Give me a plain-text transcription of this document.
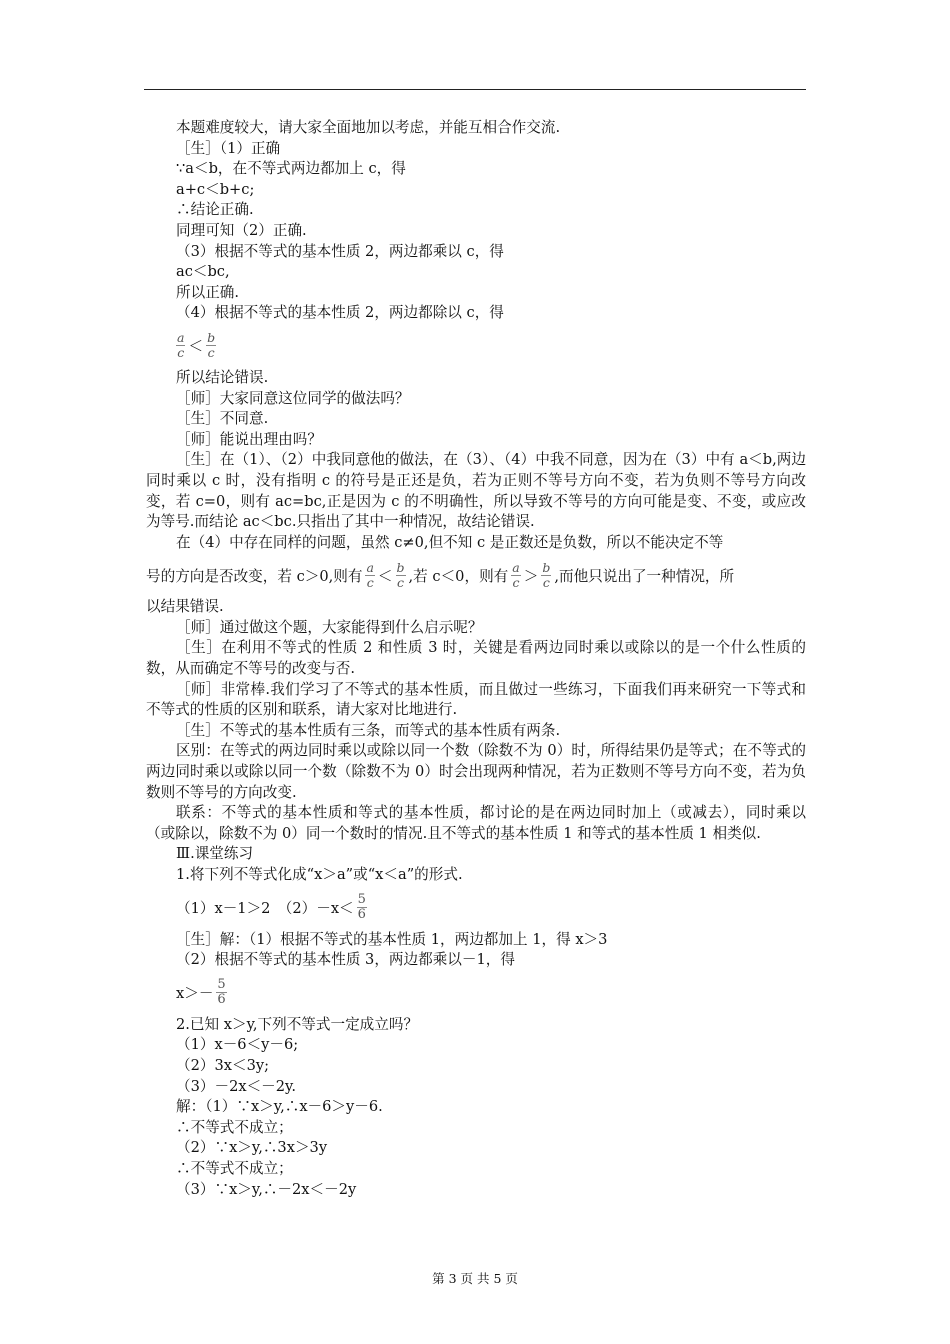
本题难度较大，请大家全面地加以考虑，并能互相合作交流.
［生］（1）正确
∵a＜b，在不等式两边都加上 c，得
a+c＜b+c;
∴结论正确.
同理可知（2）正确.
（3）根据不等式的基本性质 2，两边都乘以 c，得
ac＜bc,
所以正确.
（4）根据不等式的基本性质 2，两边都除以 c，得
$\frac{a}{c} < \frac{b}{c}$
所以结论错误.
［师］大家同意这位同学的做法吗？
［生］不同意.
［师］能说出理由吗？
［生］在（1）、（2）中我同意他的做法，在（3）、（4）中我不同意，因为在（3）中有 a＜b,两边同时乘以 c 时，没有指明 c 的符号是正还是负，若为正则不等号方向不变，若为负则不等号方向改变，若 c=0，则有 ac=bc,正是因为 c 的不明确性，所以导致不等号的方向可能是变、不变，或应改为等号.而结论 ac＜bc.只指出了其中一种情况，故结论错误.
在（4）中存在同样的问题，虽然 c≠0,但不知 c 是正数还是负数，所以不能决定不等
号的方向是否改变，若 c＞0,则有 $\frac{a}{c} < \frac{b}{c}$ ,若 c＜0，则有 $\frac{a}{c} > \frac{b}{c}$ ,而他只说出了一种情况，所
以结果错误.
［师］通过做这个题，大家能得到什么启示呢？
［生］在利用不等式的性质 2 和性质 3 时，关键是看两边同时乘以或除以的是一个什么性质的数，从而确定不等号的改变与否.
［师］非常棒.我们学习了不等式的基本性质，而且做过一些练习，下面我们再来研究一下等式和不等式的性质的区别和联系，请大家对比地进行.
［生］不等式的基本性质有三条，而等式的基本性质有两条.
区别：在等式的两边同时乘以或除以同一个数（除数不为 0）时，所得结果仍是等式；在不等式的两边同时乘以或除以同一个数（除数不为 0）时会出现两种情况，若为正数则不等号方向不变，若为负数则不等号的方向改变.
联系：不等式的基本性质和等式的基本性质，都讨论的是在两边同时加上（或减去），同时乘以（或除以，除数不为 0）同一个数时的情况.且不等式的基本性质 1 和等式的基本性质 1 相类似.
Ⅲ.课堂练习
1.将下列不等式化成“x＞a”或“x＜a”的形式.
（1）x－1＞2　$(2)-x< \frac{5}{6}$
［生］解：（1）根据不等式的基本性质 1，两边都加上 1，得 x＞3
（2）根据不等式的基本性质 3，两边都乘以－1，得
$x>- \frac{5}{6}$
2.已知 x＞y,下列不等式一定成立吗？
（1）x－6＜y－6;
（2）3x＜3y;
（3）－2x＜－2y.
解：（1）∵x＞y,∴x－6＞y－6.
∴不等式不成立；
（2）∵x＞y,∴3x＞3y
∴不等式不成立；
（3）∵x＞y,∴－2x＜－2y
第 3 页 共 5 页
